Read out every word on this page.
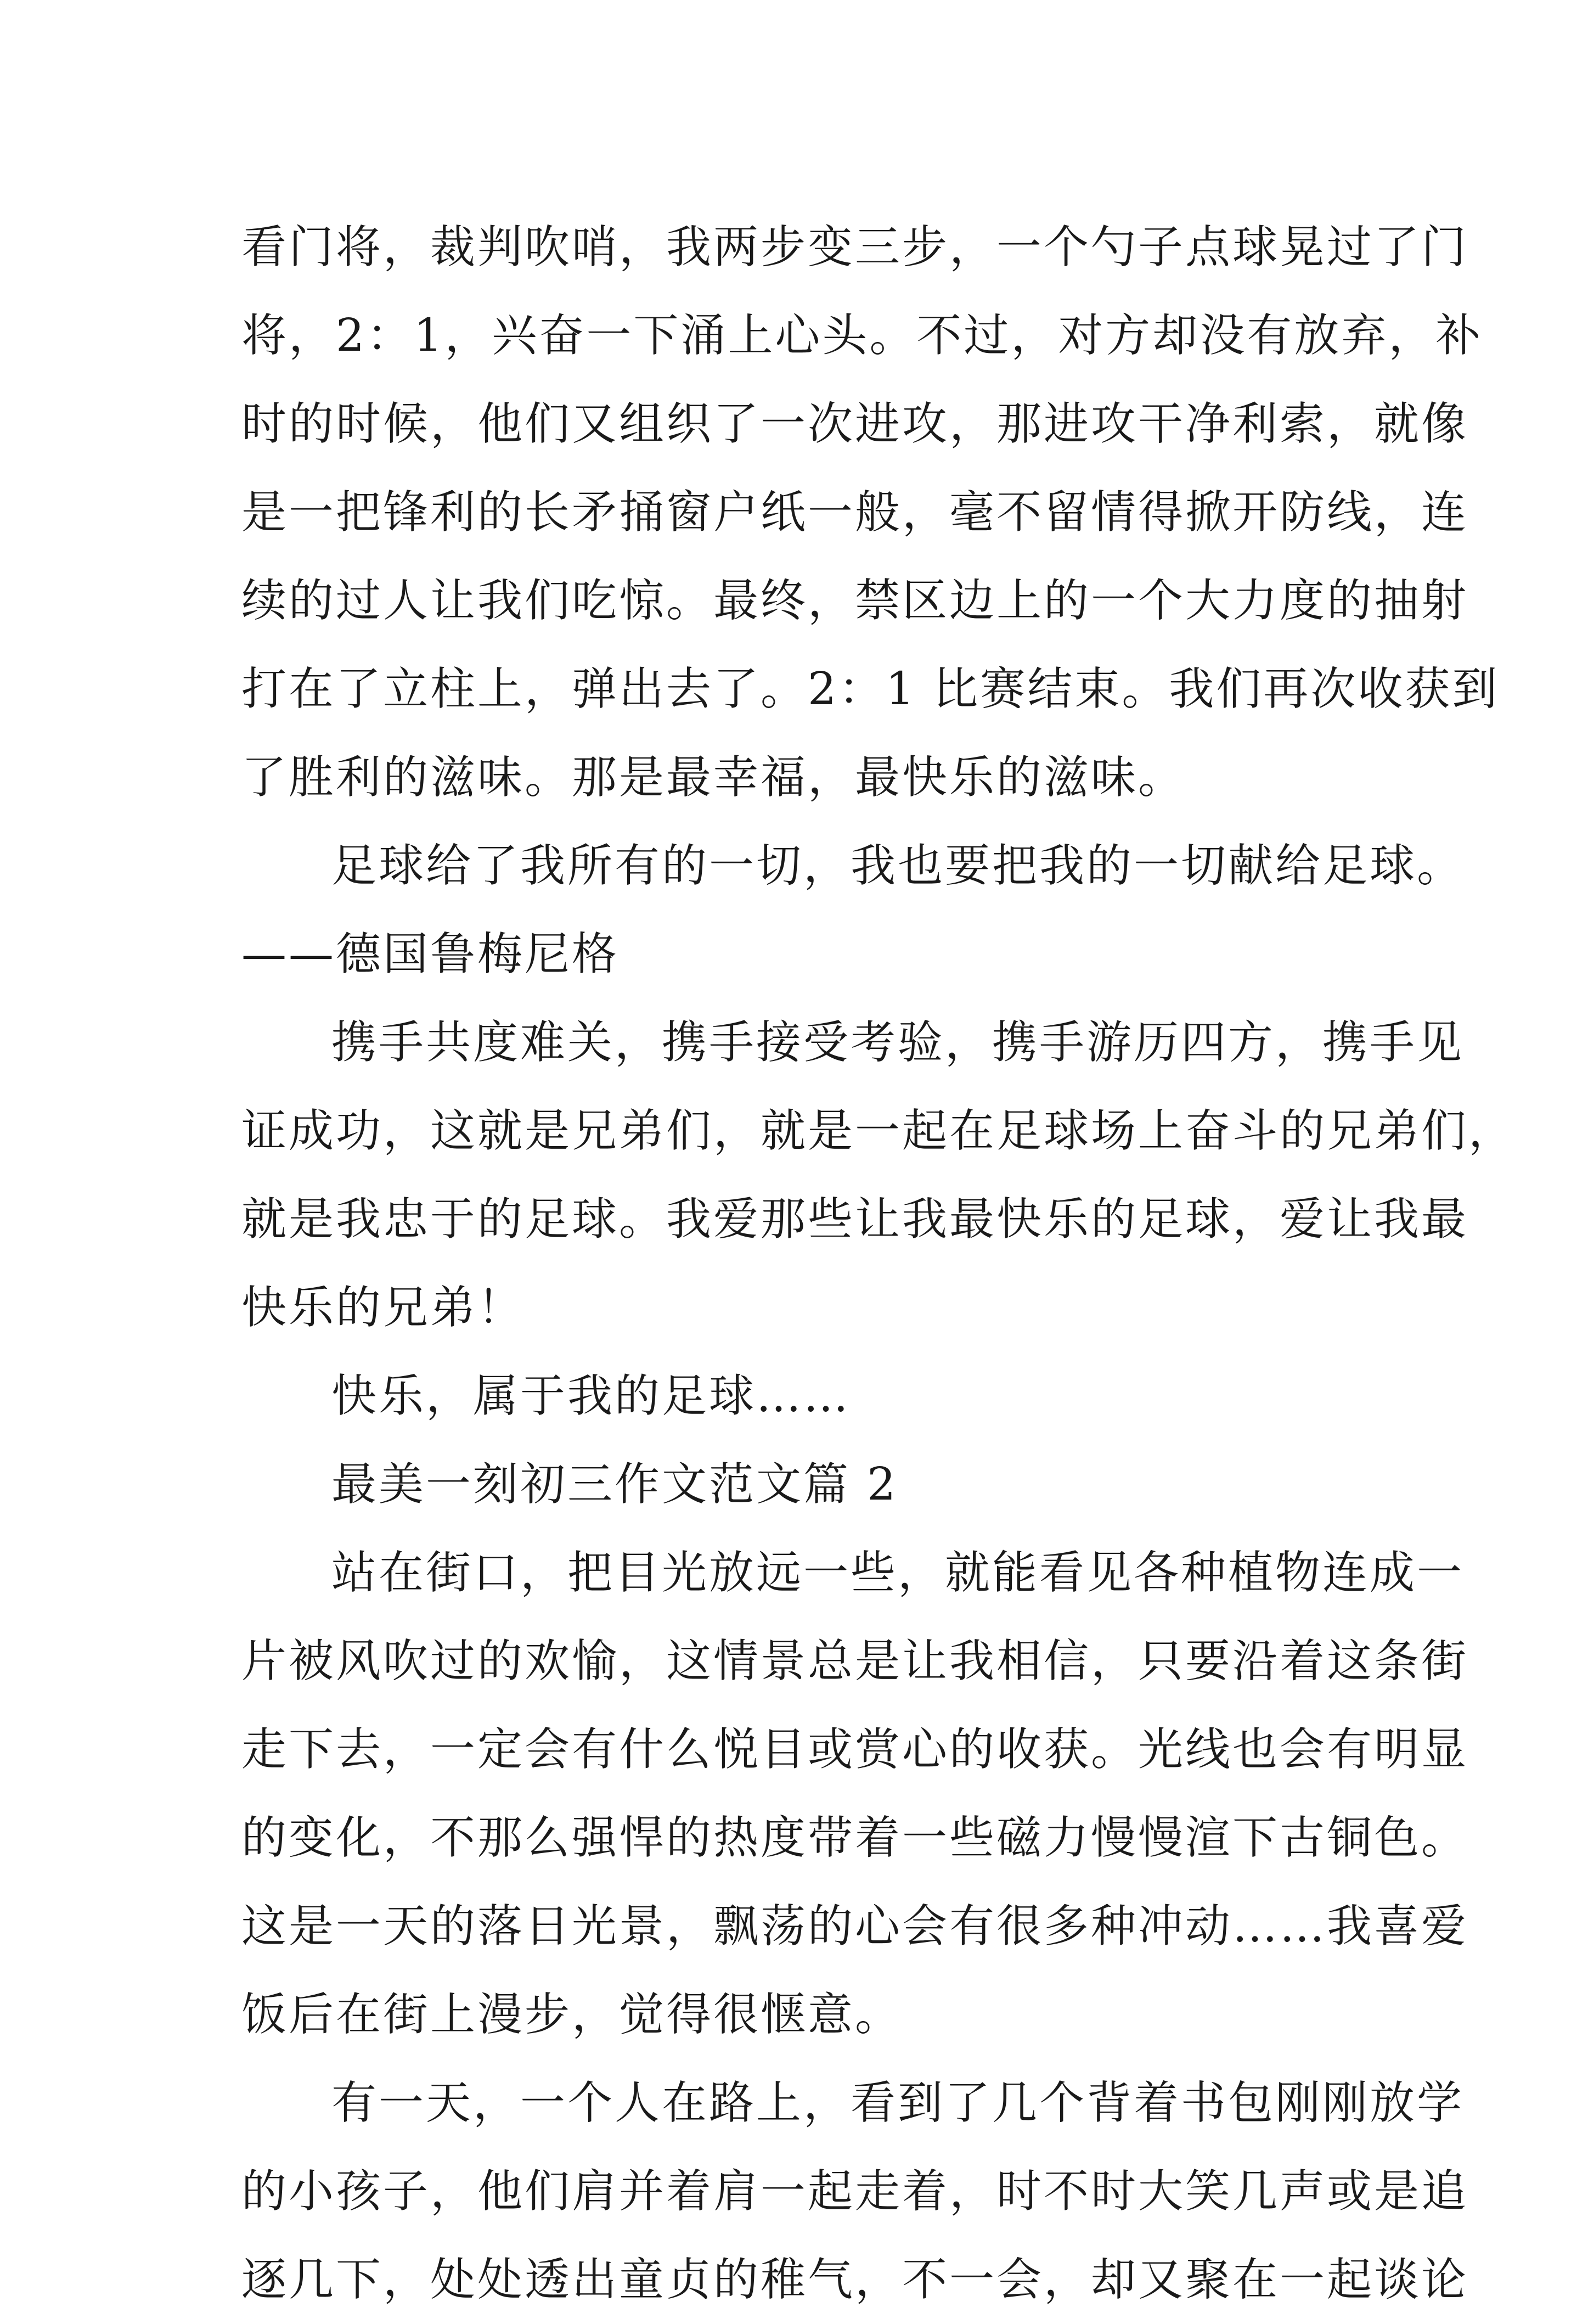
看门将，裁判吹哨，我两步变三步，一个勺子点球晃过了门
将，2：1，兴奋一下涌上心头。不过，对方却没有放弃，补
时的时候，他们又组织了一次进攻，那进攻干净利索，就像
是一把锋利的长矛捅窗户纸一般，毫不留情得掀开防线，连
续的过人让我们吃惊。最终，禁区边上的一个大力度的抽射
打在了立柱上，弹出去了。2：1 比赛结束。我们再次收获到
了胜利的滋味。那是最幸福，最快乐的滋味。
足球给了我所有的一切，我也要把我的一切献给足球。
——德国鲁梅尼格
携手共度难关，携手接受考验，携手游历四方，携手见
证成功，这就是兄弟们，就是一起在足球场上奋斗的兄弟们，
就是我忠于的足球。我爱那些让我最快乐的足球，爱让我最
快乐的兄弟！
快乐，属于我的足球……
最美一刻初三作文范文篇 2
站在街口，把目光放远一些，就能看见各种植物连成一
片被风吹过的欢愉，这情景总是让我相信，只要沿着这条街
走下去，一定会有什么悦目或赏心的收获。光线也会有明显
的变化，不那么强悍的热度带着一些磁力慢慢渲下古铜色。
这是一天的落日光景，飘荡的心会有很多种冲动……我喜爱
饭后在街上漫步，觉得很惬意。
有一天，一个人在路上，看到了几个背着书包刚刚放学
的小孩子，他们肩并着肩一起走着，时不时大笑几声或是追
逐几下，处处透出童贞的稚气，不一会，却又聚在一起谈论
